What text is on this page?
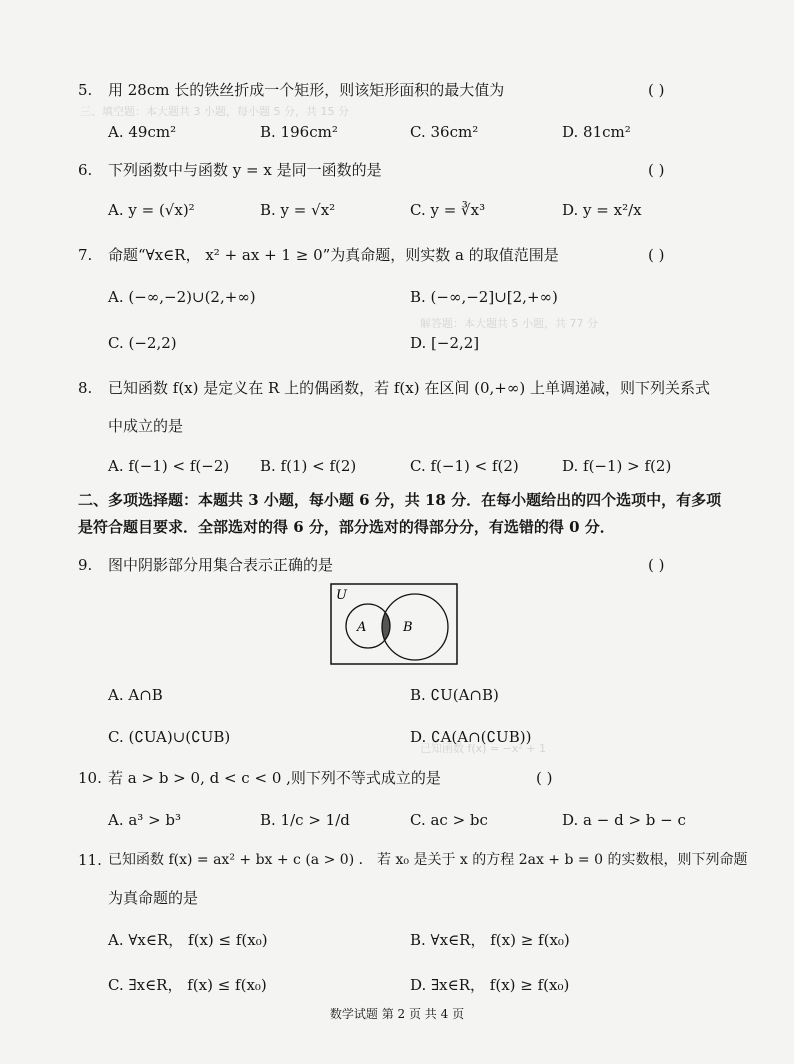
三、填空题：本大题共 3 小题，每小题 5 分，共 15 分
解答题：本大题共 5 小题，共 77 分
已知函数 f(x) = −x² + 1
5. 用 28cm 长的铁丝折成一个矩形，则该矩形面积的最大值为	( )
A. 49cm²	B. 196cm²	C. 36cm²	D. 81cm²
6. 下列函数中与函数 y = x 是同一函数的是	( )
A. y = (√x)²	B. y = √x²	C. y = ∛x³	D. y = x²/x
7. 命题“∀x∈R， x² + ax + 1 ≥ 0”为真命题，则实数 a 的取值范围是	( )
A. (−∞,−2)∪(2,+∞)	B. (−∞,−2]∪[2,+∞)
C. (−2,2)	D. [−2,2]
8. 已知函数 f(x) 是定义在 R 上的偶函数，若 f(x) 在区间 (0,+∞) 上单调递减，则下列关系式
中成立的是
A. f(−1) < f(−2) B. f(1) < f(2)	C. f(−1) < f(2)	D. f(−1) > f(2)
二、多项选择题：本题共 3 小题，每小题 6 分，共 18 分．在每小题给出的四个选项中，有多项
是符合题目要求．全部选对的得 6 分，部分选对的得部分分，有选错的得 0 分．
9. 图中阴影部分用集合表示正确的是	( )
U
A	B
A. A∩B	B. ∁U(A∩B)
C. (∁UA)∪(∁UB)	D. ∁A(A∩(∁UB))
10. 若 a > b > 0, d < c < 0 ,则下列不等式成立的是	( )
A. a³ > b³	B. 1/c > 1/d	C. ac > bc	D. a − d > b − c
11. 已知函数 f(x) = ax² + bx + c (a > 0) ． 若 x₀ 是关于 x 的方程 2ax + b = 0 的实数根，则下列命题
为真命题的是
A. ∀x∈R， f(x) ≤ f(x₀)	B. ∀x∈R， f(x) ≥ f(x₀)
C. ∃x∈R， f(x) ≤ f(x₀)	D. ∃x∈R， f(x) ≥ f(x₀)
数学试题 第 2 页 共 4 页
